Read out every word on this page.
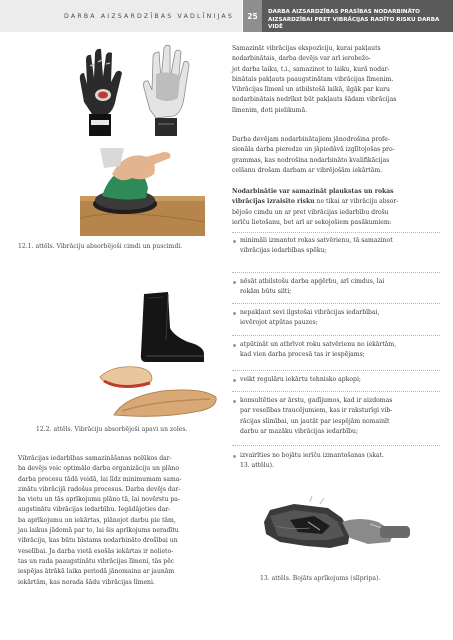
DARBA AIZSARDZĪBAS VADLĪNIJAS	25	DARBA AIZSARDZĪBAS PRASĪBAS NODARBINĀTO
AIZSARDZĪBAI PRET VIBRĀCIJAS RADĪTO RISKU DARBA VIDĒ
12.1. attēls. Vibrāciju absorbējoši cimdi un puscimdi.
12.2. attēls. Vibrāciju absorbējoši apavi un zoles.
Vibrācijas iedarbības samazināšanas nolūkos dar-
ba devējs veic optimālo darba organizāciju un plāno
darba procesu tādā veidā, lai līdz minimumam sama-
zinātu vibrācijā radošus procesus. Darba devējs dar-
ba vietu un tās aprīkojumu plāno tā, lai novērstu pa-
augstinātu vibrācijas iedarbību. Iegādājoties dar-
ba aprīkojumu un iekārtas, plānojot darbu pie tām,
jau laikus jādomā par to, lai šis aprīkojums neradītu
vibrāciju, kas būtu bīstams nodarbināto drošībai un
veselībai. Ja darba vietā esošās iekārtas ir nolieto-
tas un rada paaugstinātu vibrācijas līmeni, tās pēc
iespējas ātrākā laika periodā jānomaina ar jaunām
iekārtām, kas nerada šādu vibrācijas līmeni.
Samazināt vibrācijas ekspozīciju, kurai pakļauts
nodarbinātais, darba devējs var arī ierobežo-
jot darba laiku, t.i., samazinot to laiku, kurā nodar-
binātais pakļauts paaugstinātam vibrācijas līmenim.
Vibrācijas līmenī un atbilstošā laikā, ilgāk par kuru
nodarbinātais nedrīkst būt pakļauts šādam vibrācijas
līmenim, doti pielikumā.
Darba devējam nodarbinātajiem jānodrošina profe-
sionāla darba pieredze un jāpiedāvā izglītojošas pro-
grammas, kas nodrošina nodarbināto kvalifikācijas
celšanu drošam darbam ar vibrējošām iekārtām.
Nodarbinātie var samazināt plaukstas un rokas
vibrācijas izraisīto risku ne tikai ar vibrāciju absor-
bējošo cimdu un ar pret vibrācijas iedarbību drošu
ierīču lietošanu, bet arī ar sekojošiem pasākumiem:
minimāli izmantot rokas satvērienu, tā samazinot
vibrācijas iedarbības spēku;
nēsāt atbilstošu darba apģērbu, arī cimdus, lai
rokām būtu silti;
nepakļaut sevi ilgstošai vibrācijas iedarbībai,
ievērojot atpūtas pauzes;
atpūtināt un atbrīvot roku satvērienu no iekārtām,
kad vien darba procesā tas ir iespējams;
veikt regulāru iekārtu tehnisko apkopi;
konsultēties ar ārstu, gadījumos, kad ir aizdomas
par veselības traucējumiem, kas ir raksturīgi vib-
rācijas slimībai, un jautāt par iespējām nomainīt
darbu ar mazāku vibrācijas iedarbību;
izvairīties no bojātu ierīču izmantošanas (skat.
13. attēlu).
13. attēls. Bojāts aprīkojums (slīpripa).
